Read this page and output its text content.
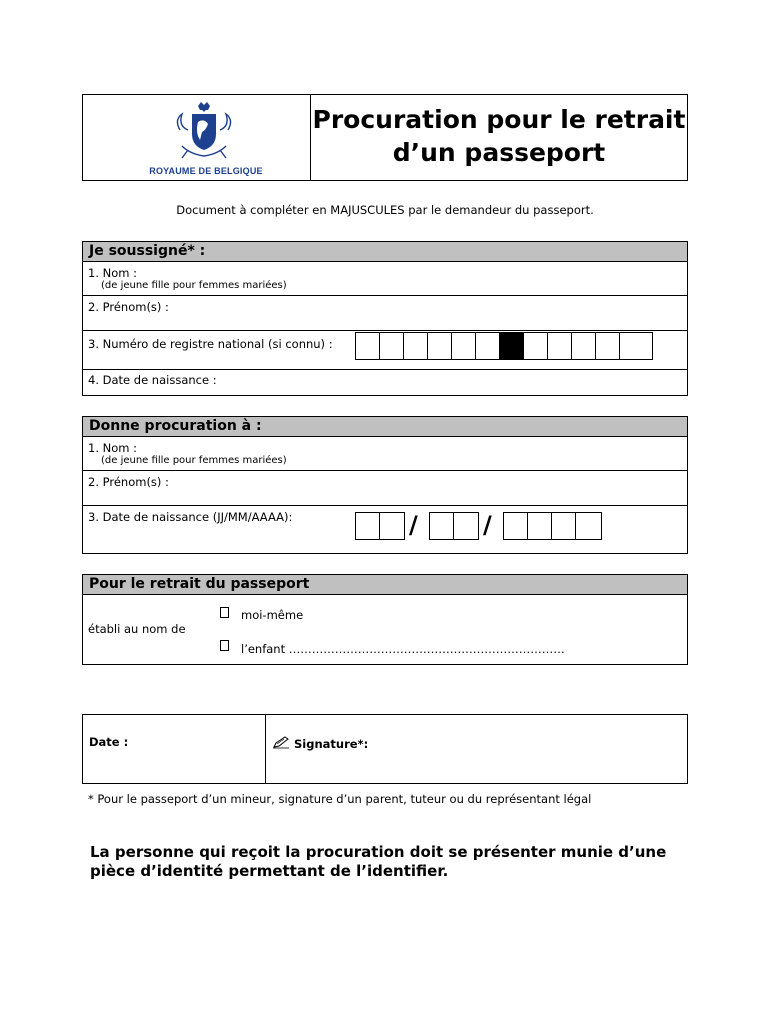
ROYAUME DE BELGIQUE
Procuration pour le retrait
d’un passeport
Document à compléter en MAJUSCULES par le demandeur du passeport.
Je soussigné* :
1. Nom :
(de jeune fille pour femmes mariées)
2. Prénom(s) :
3. Numéro de registre national (si connu) :
4. Date de naissance :
Donne procuration à :
1. Nom :
(de jeune fille pour femmes mariées)
2. Prénom(s) :
3. Date de naissance (JJ/MM/AAAA):	/	/
Pour le retrait du passeport
établi au nom de
moi-même
l’enfant ………………………………………………………………
Date :	Signature*:
* Pour le passeport d’un mineur, signature d’un parent, tuteur ou du représentant légal
La personne qui reçoit la procuration doit se présenter munie d’une
pièce d’identité permettant de l’identifier.
